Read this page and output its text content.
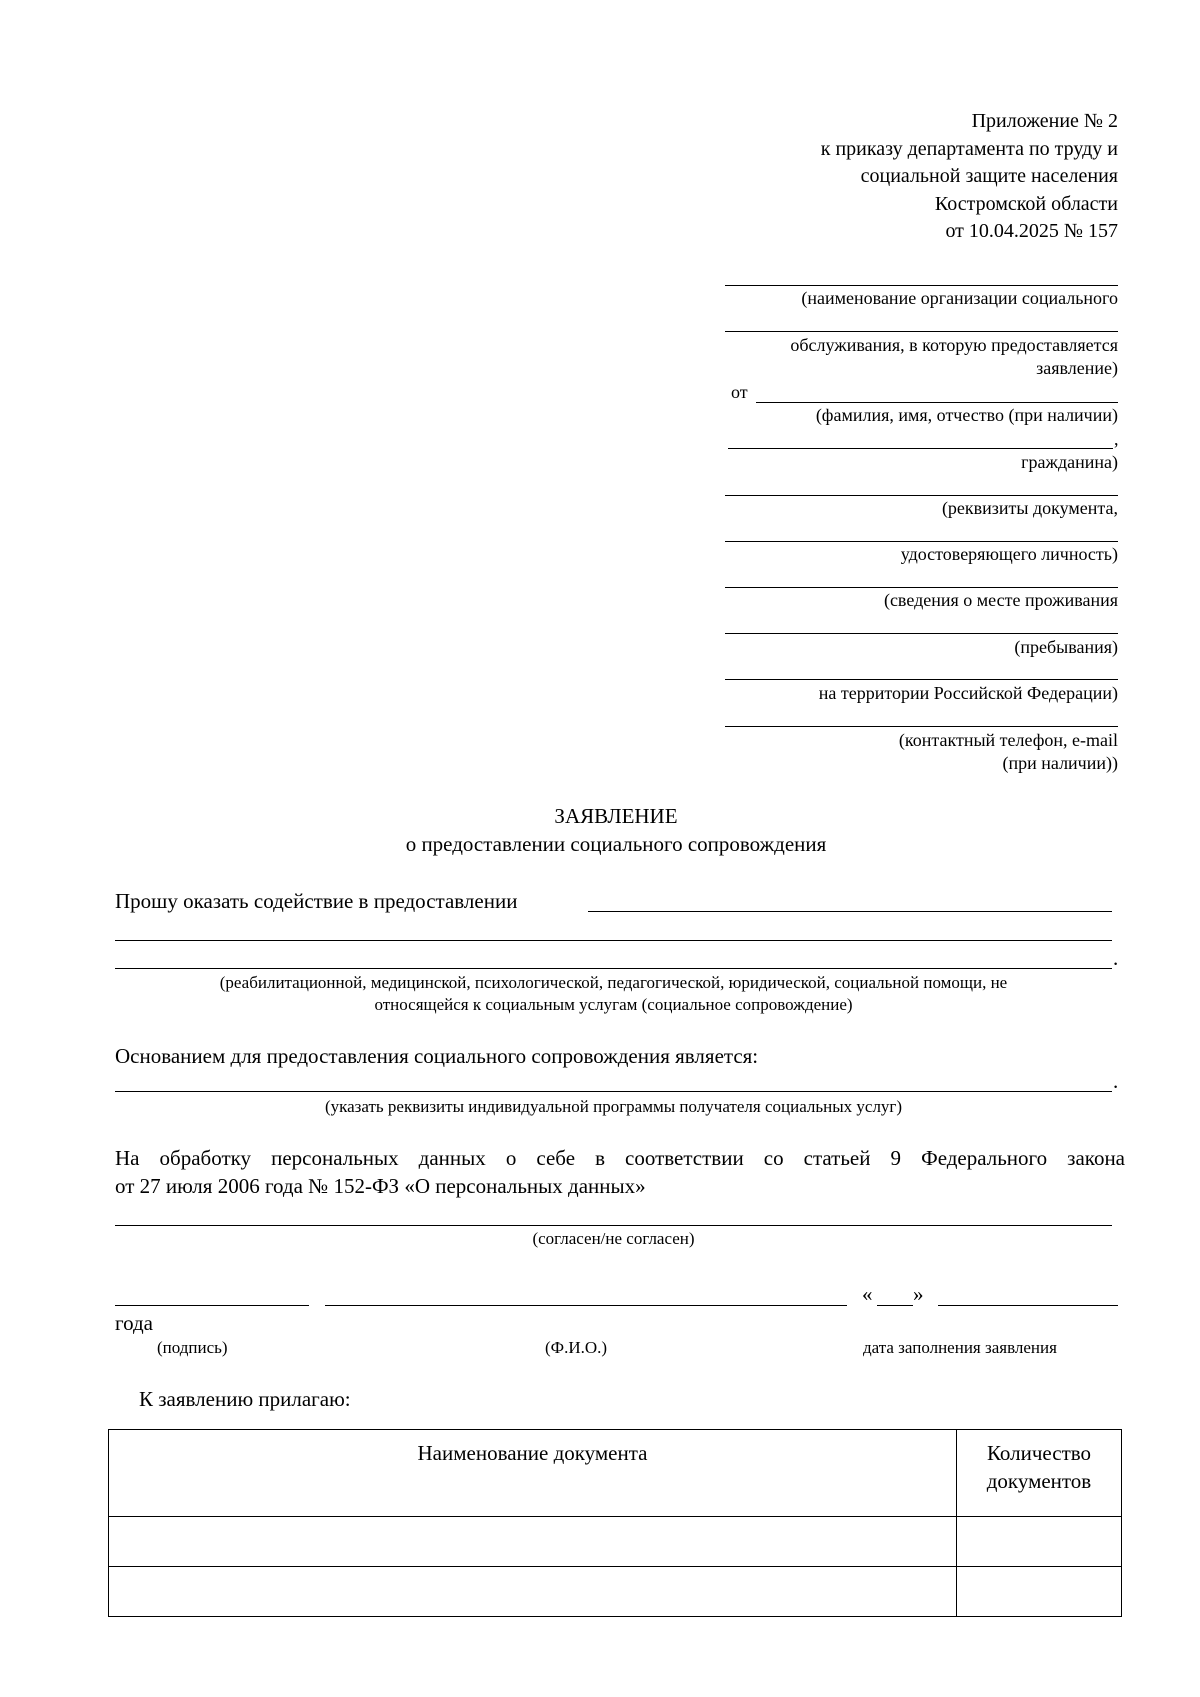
Приложение № 2
к приказу департамента по труду и
социальной защите населения
Костромской области
от 10.04.2025 № 157
(наименование организации социального
обслуживания, в которую предоставляется
заявление)
от
(фамилия, имя, отчество (при наличии)
,
гражданина)
(реквизиты документа,
удостоверяющего личность)
(сведения о месте проживания
(пребывания)
на территории Российской Федерации)
(контактный телефон, e-mail
(при наличии))
ЗАЯВЛЕНИЕ
о предоставлении социального сопровождения
Прошу оказать содействие в предоставлении
.
(реабилитационной, медицинской, психологической, педагогической, юридической, социальной помощи, не
относящейся к социальным услугам (социальное сопровождение)
Основанием для предоставления социального сопровождения является:
.
(указать реквизиты индивидуальной программы получателя социальных услуг)
На обработку персональных данных о себе в соответствии со статьей 9 Федерального закона
от 27 июля 2006 года № 152-ФЗ «О персональных данных»
(согласен/не согласен)
« »
года
(подпись)	(Ф.И.О.)	дата заполнения заявления
К заявлению прилагаю:
Наименование документа	Количество документов
